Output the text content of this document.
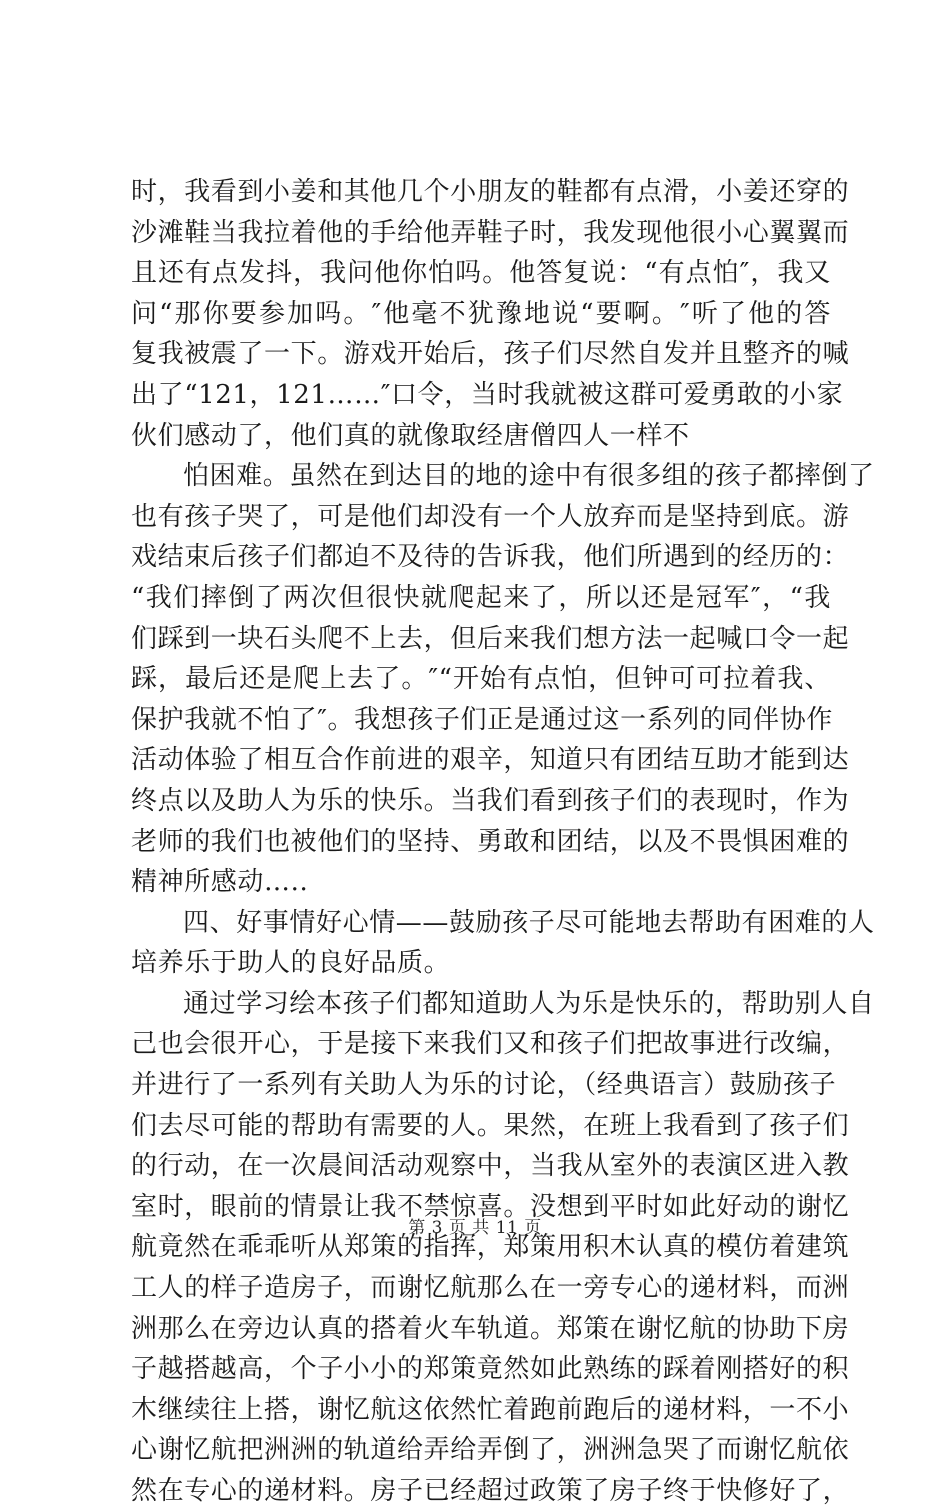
时，我看到小姜和其他几个小朋友的鞋都有点滑，小姜还穿的
沙滩鞋当我拉着他的手给他弄鞋子时，我发现他很小心翼翼而
且还有点发抖，我问他你怕吗。他答复说：“有点怕″，我又
问“那你要参加吗。″他毫不犹豫地说“要啊。″听了他的答
复我被震了一下。游戏开始后，孩子们尽然自发并且整齐的喊
出了“121，121……″口令，当时我就被这群可爱勇敢的小家
伙们感动了，他们真的就像取经唐僧四人一样不
怕困难。虽然在到达目的地的途中有很多组的孩子都摔倒了
也有孩子哭了，可是他们却没有一个人放弃而是坚持到底。游
戏结束后孩子们都迫不及待的告诉我，他们所遇到的经历的：
“我们摔倒了两次但很快就爬起来了，所以还是冠军″，“我
们踩到一块石头爬不上去，但后来我们想方法一起喊口令一起
踩，最后还是爬上去了。″“开始有点怕，但钟可可拉着我、
保护我就不怕了″。我想孩子们正是通过这一系列的同伴协作
活动体验了相互合作前进的艰辛，知道只有团结互助才能到达
终点以及助人为乐的快乐。当我们看到孩子们的表现时，作为
老师的我们也被他们的坚持、勇敢和团结，以及不畏惧困难的
精神所感动…..
四、好事情好心情——鼓励孩子尽可能地去帮助有困难的人
培养乐于助人的良好品质。
通过学习绘本孩子们都知道助人为乐是快乐的，帮助别人自
己也会很开心，于是接下来我们又和孩子们把故事进行改编，
并进行了一系列有关助人为乐的讨论，（经典语言）鼓励孩子
们去尽可能的帮助有需要的人。果然，在班上我看到了孩子们
的行动，在一次晨间活动观察中，当我从室外的表演区进入教
室时，眼前的情景让我不禁惊喜。没想到平时如此好动的谢忆
航竟然在乖乖听从郑策的指挥，郑策用积木认真的模仿着建筑
工人的样子造房子，而谢忆航那么在一旁专心的递材料，而洲
洲那么在旁边认真的搭着火车轨道。郑策在谢忆航的协助下房
子越搭越高，个子小小的郑策竟然如此熟练的踩着刚搭好的积
木继续往上搭，谢忆航这依然忙着跑前跑后的递材料，一不小
心谢忆航把洲洲的轨道给弄给弄倒了，洲洲急哭了而谢忆航依
然在专心的递材料。房子已经超过政策了房子终于快修好了，
第 3 页 共 11 页
